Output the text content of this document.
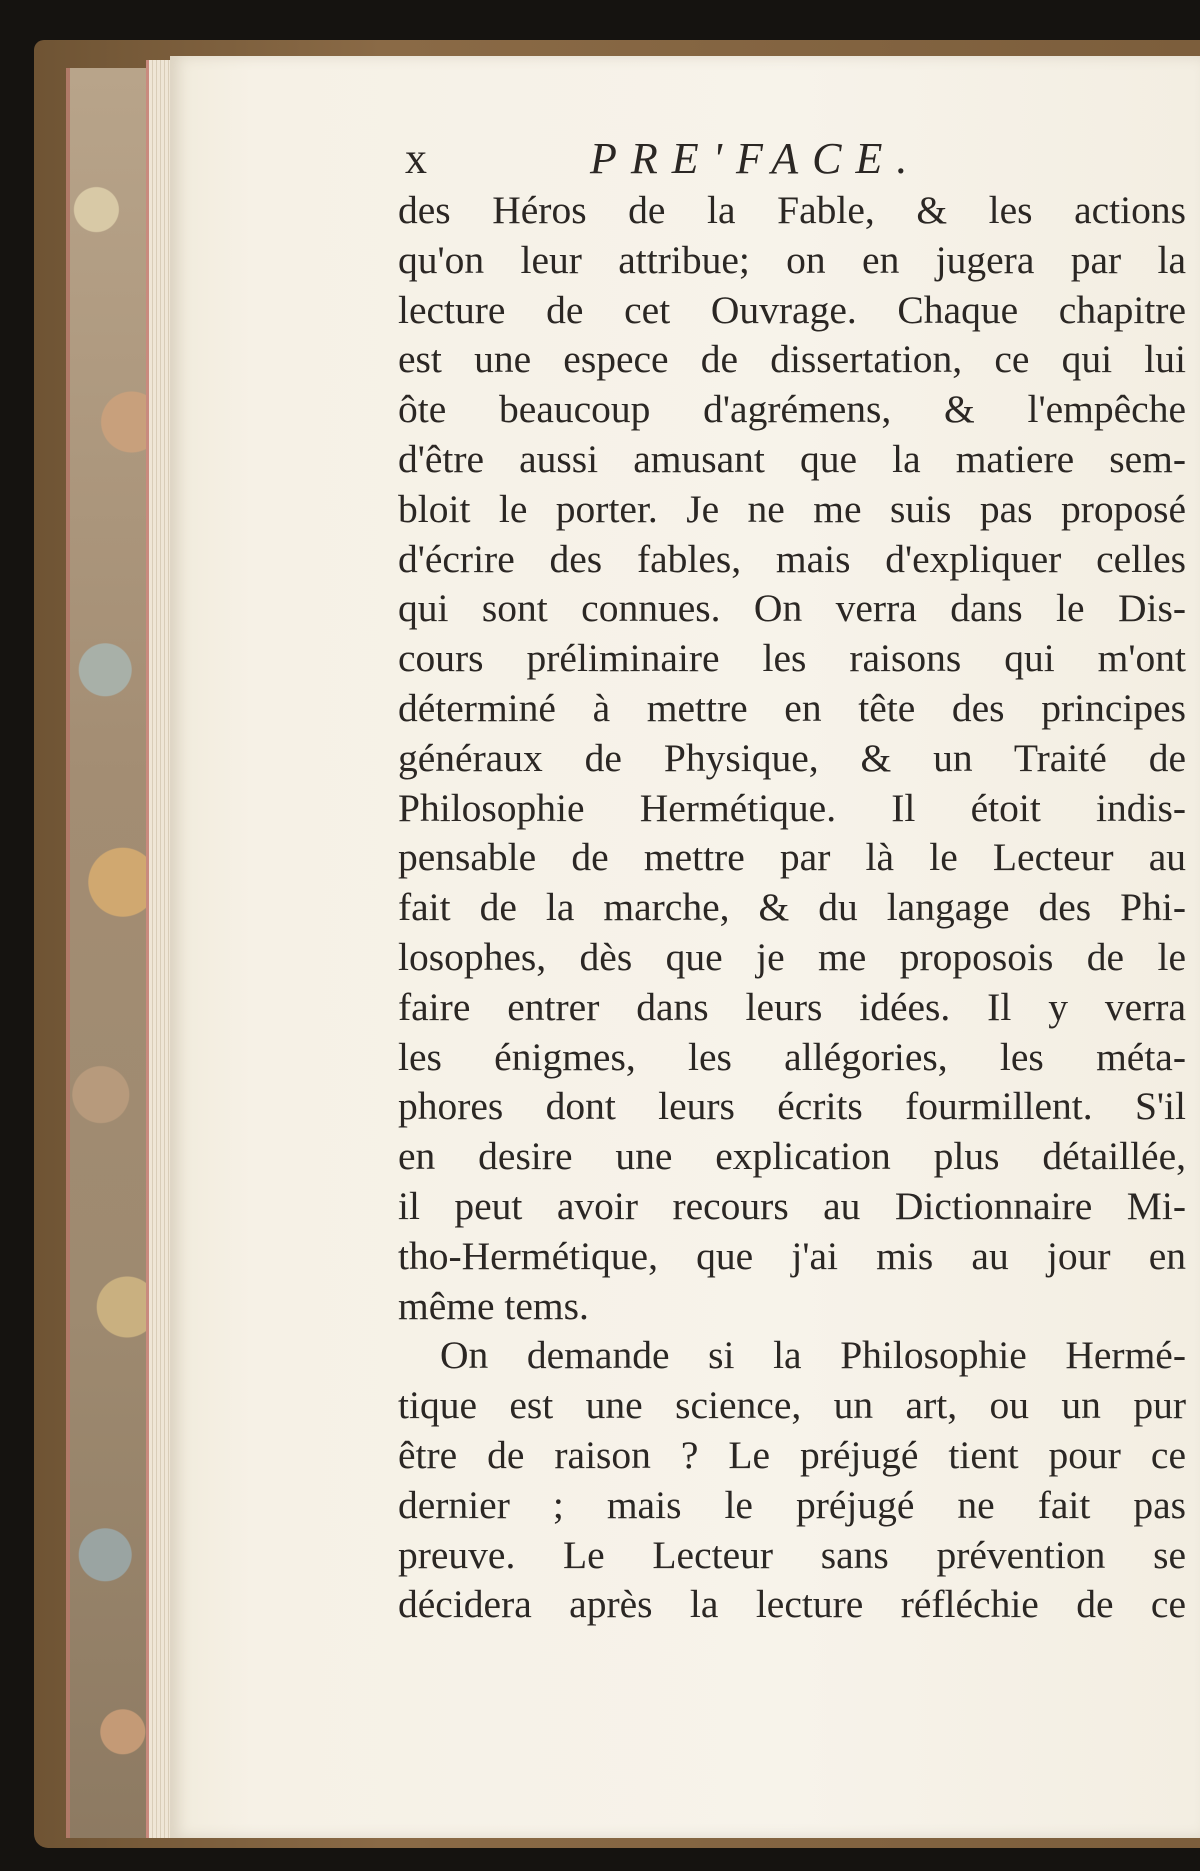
x	PRE'FACE.
des Héros de la Fable, & les actions
qu'on leur attribue; on en jugera par la
lecture de cet Ouvrage. Chaque chapitre
est une espece de dissertation, ce qui lui
ôte beaucoup d'agrémens, & l'empêche
d'être aussi amusant que la matiere sem-
bloit le porter. Je ne me suis pas proposé
d'écrire des fables, mais d'expliquer celles
qui sont connues. On verra dans le Dis-
cours préliminaire les raisons qui m'ont
déterminé à mettre en tête des principes
généraux de Physique, & un Traité de
Philosophie Hermétique. Il étoit indis-
pensable de mettre par là le Lecteur au
fait de la marche, & du langage des Phi-
losophes, dès que je me proposois de le
faire entrer dans leurs idées. Il y verra
les énigmes, les allégories, les méta-
phores dont leurs écrits fourmillent. S'il
en desire une explication plus détaillée,
il peut avoir recours au Dictionnaire Mi-
tho-Hermétique, que j'ai mis au jour en
même tems.
On demande si la Philosophie Hermé-
tique est une science, un art, ou un pur
être de raison ? Le préjugé tient pour ce
dernier ; mais le préjugé ne fait pas
preuve. Le Lecteur sans prévention se
décidera après la lecture réfléchie de ce
